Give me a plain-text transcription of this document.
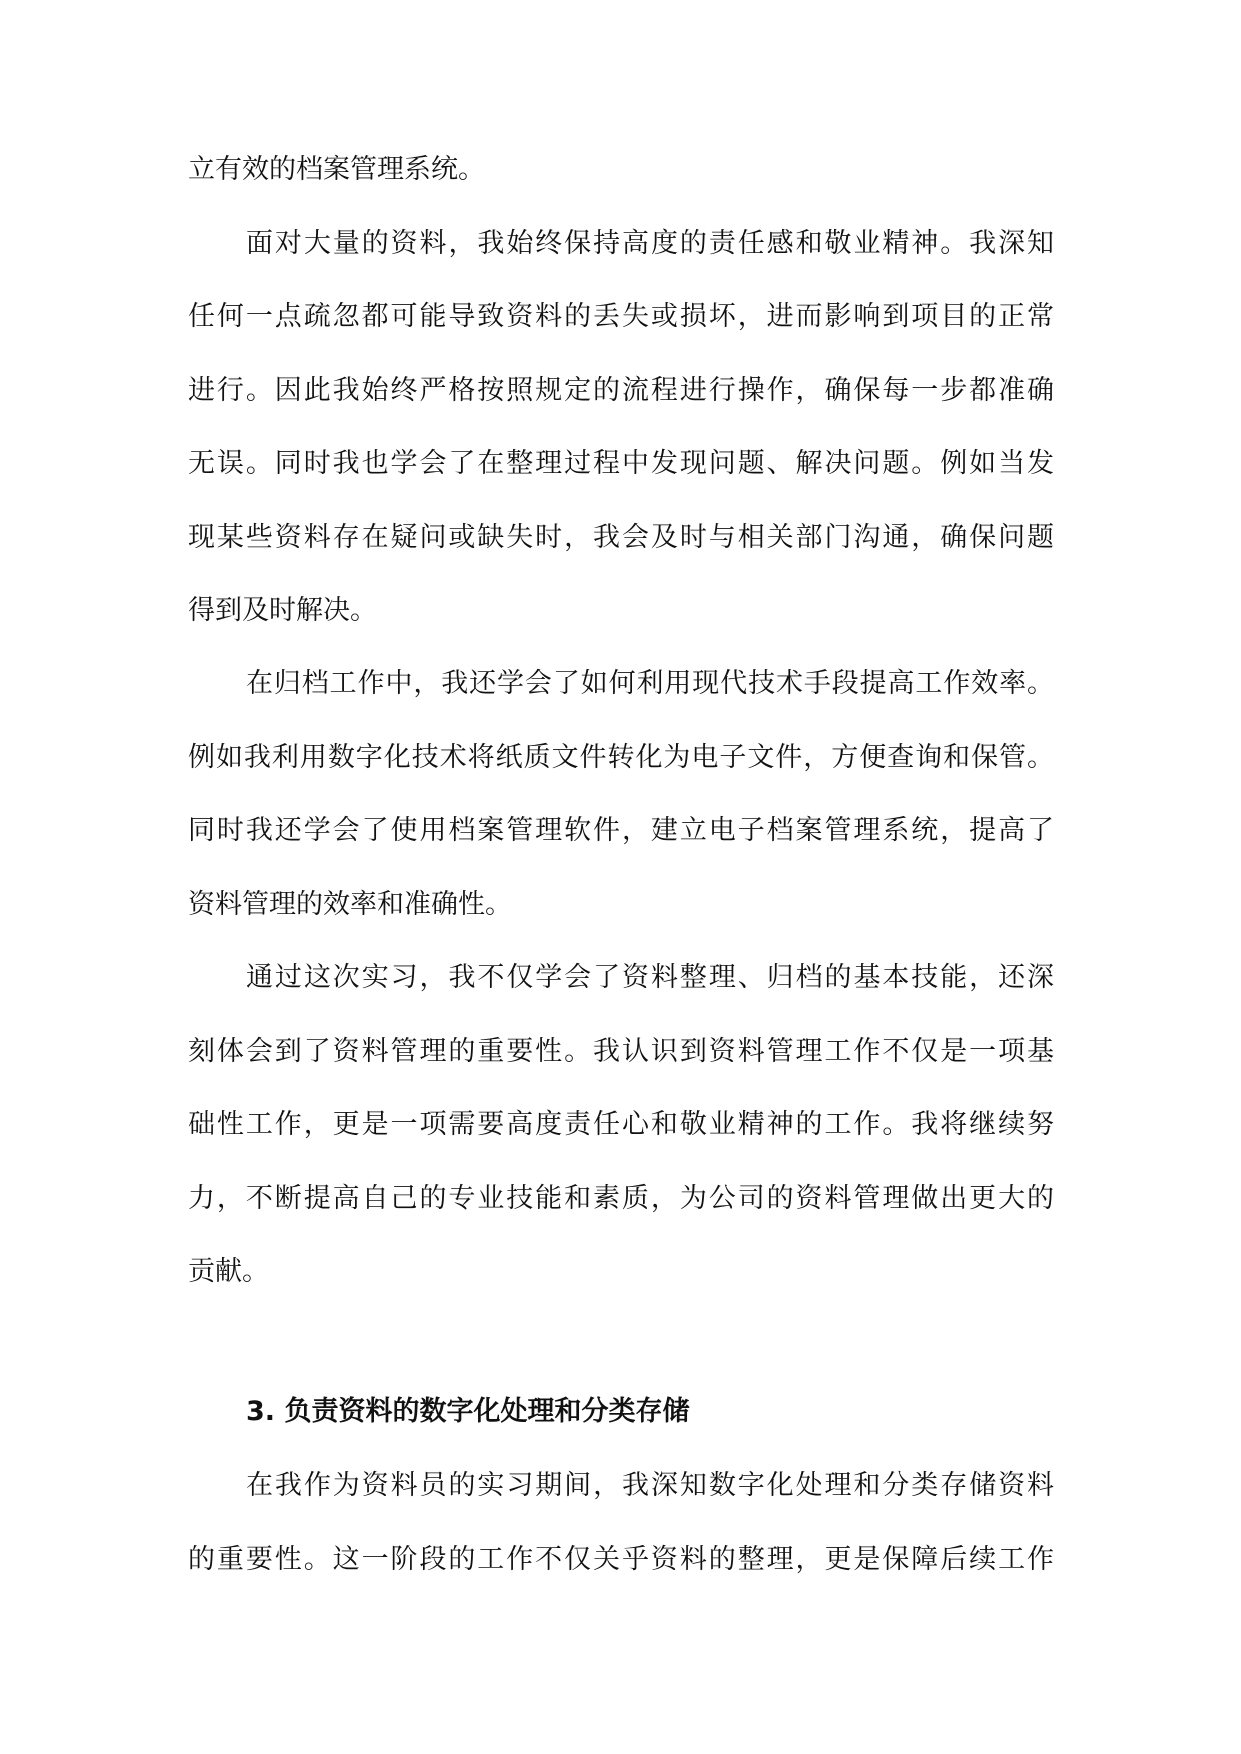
立有效的档案管理系统。
面对大量的资料，我始终保持高度的责任感和敬业精神。我深知
任何一点疏忽都可能导致资料的丢失或损坏，进而影响到项目的正常
进行。因此我始终严格按照规定的流程进行操作，确保每一步都准确
无误。同时我也学会了在整理过程中发现问题、解决问题。例如当发
现某些资料存在疑问或缺失时，我会及时与相关部门沟通，确保问题
得到及时解决。
在归档工作中，我还学会了如何利用现代技术手段提高工作效率。
例如我利用数字化技术将纸质文件转化为电子文件，方便查询和保管。
同时我还学会了使用档案管理软件，建立电子档案管理系统，提高了
资料管理的效率和准确性。
通过这次实习，我不仅学会了资料整理、归档的基本技能，还深
刻体会到了资料管理的重要性。我认识到资料管理工作不仅是一项基
础性工作，更是一项需要高度责任心和敬业精神的工作。我将继续努
力，不断提高自己的专业技能和素质，为公司的资料管理做出更大的
贡献。
3. 负责资料的数字化处理和分类存储
在我作为资料员的实习期间，我深知数字化处理和分类存储资料
的重要性。这一阶段的工作不仅关乎资料的整理，更是保障后续工作
